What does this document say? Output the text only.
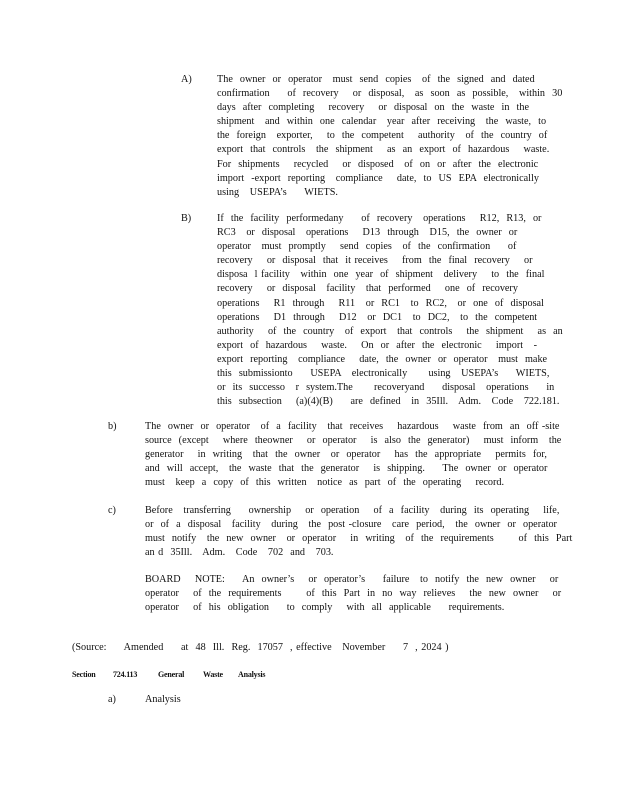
A) The  owner  or  operator   must  send  copies   of  the  signed  and  dated
confirmation     of  recovery    or  disposal,   as  soon  as  possible,   within  30
days  after  completing    recovery    or  disposal  on  the  waste  in  the
shipment   and  within  one  calendar   year  after  receiving   the  waste,  to
the  foreign   exporter,    to  the  competent    authority   of  the  country  of
export  that  controls   the  shipment    as  an  export  of  hazardous    waste.
For  shipments    recycled    or  disposed   of  on  or  after  the  electronic
import  -export  reporting   compliance    date,  to  US  EPA  electronically
using   USEPA’s     WIETS.
B)	If  the  facility  performedany     of  recovery   operations    R12,  R13,  or
RC3   or  disposal   operations    D13  through   D15,  the  owner  or
operator   must  promptly    send  copies   of  the  confirmation     of
recovery    or  disposal  that  it receives    from  the  final  recovery    or
disposa  l facility   within  one  year  of  shipment   delivery    to  the  final
recovery    or  disposal   facility   that  performed    one  of  recovery
operations    R1  through    R11   or  RC1   to  RC2,   or  one  of  disposal
operations    D1  through    D12   or  DC1   to  DC2,   to  the  competent
authority    of  the  country   of  export   that  controls    the  shipment    as  an
export  of  hazardous    waste.    On  or  after  the  electronic    import   -
export  reporting   compliance    date,  the  owner  or  operator   must  make
this  submissionto     USEPA   electronically      using   USEPA’s     WIETS,
or  its  successo   r  system.The      recoveryand     disposal   operations     in
this  subsection    (a)(4)(B)     are  defined   in  35Ill.   Adm.   Code   722.181.
b)	The  owner  or  operator   of  a  facility   that  receives    hazardous    waste  from  an  off -site
source  (except    where  theowner    or  operator    is  also  the  generator)    must  inform   the
generator    in  writing   that  the  owner   or  operator    has  the  appropriate    permits  for,
and  will  accept,   the  waste  that  the  generator    is  shipping.     The  owner  or  operator
must   keep  a  copy  of  this  written   notice  as  part  of  the  operating    record.
c)	Before   transferring     ownership    or  operation    of  a  facility   during  its  operating    life,
or  of  a  disposal   facility   during   the  post -closure   care  period,   the  owner  or  operator
must  notify   the  new  owner   or  operator    in  writing   of  the  requirements       of  this  Part
an d  35Ill.   Adm.   Code   702  and   703.
BOARD    NOTE:     An  owner’s    or  operator’s     failure   to  notify  the  new  owner    or
operator    of  the  requirements       of  this  Part  in  no  way  relieves    the  new  owner    or
operator    of  his  obligation     to  comply    with  all  applicable     requirements.
(Source:     Amended     at  48  Ill.  Reg.  17057  , effective   November     7  , 2024 )
Section 724.113	General Waste Analysis
a)	Analysis
